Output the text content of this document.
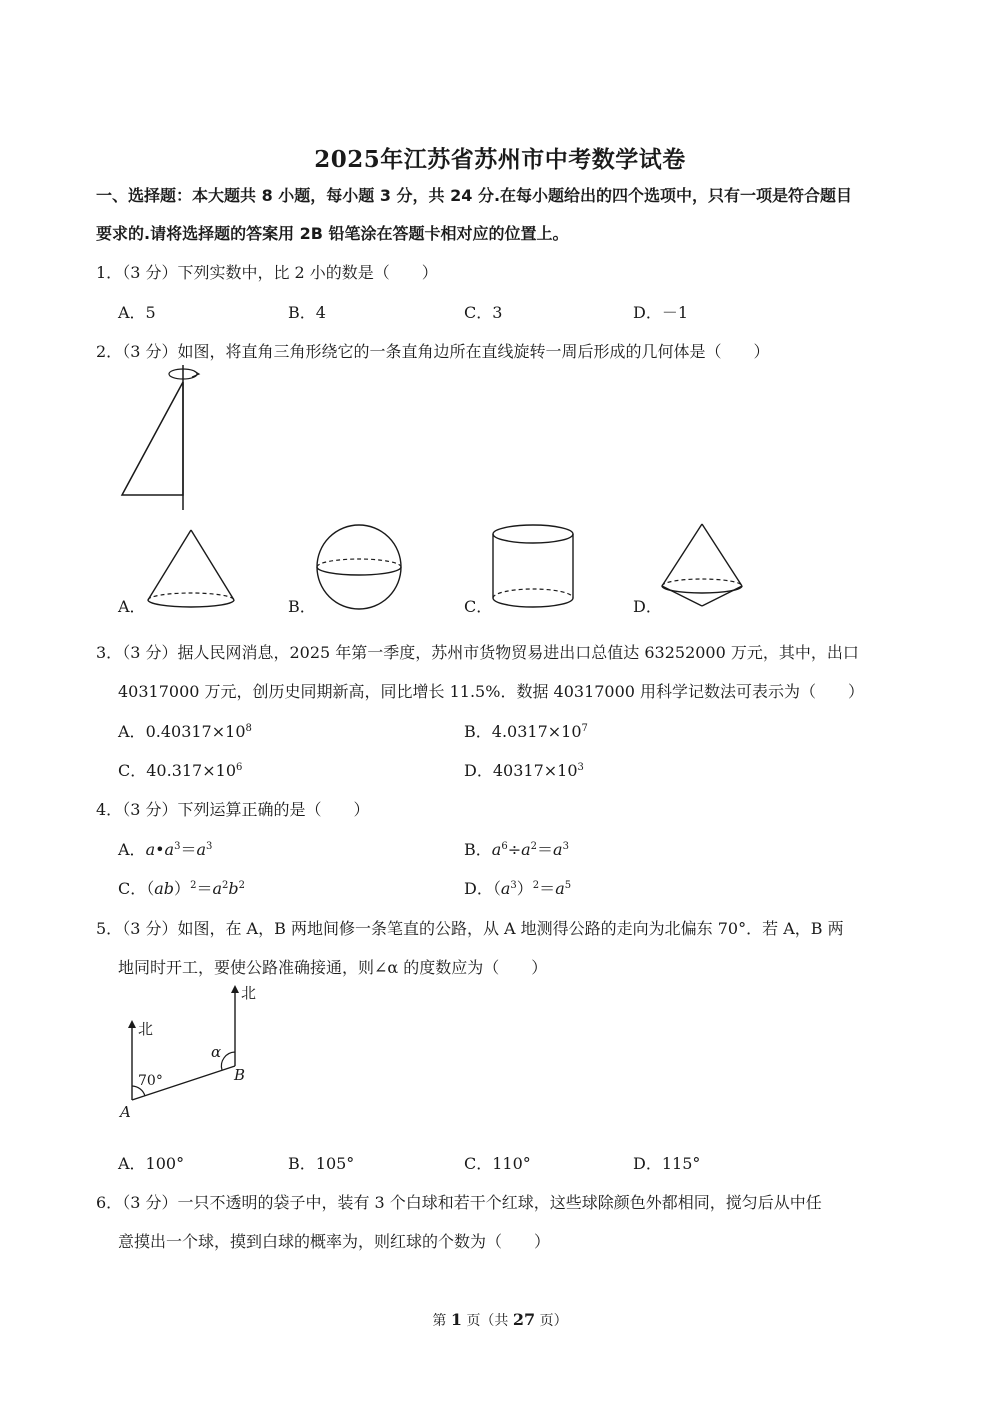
2025年江苏省苏州市中考数学试卷
一、选择题：本大题共 8 小题，每小题 3 分，共 24 分.在每小题给出的四个选项中，只有一项是符合题目
要求的.请将选择题的答案用 2B 铅笔涂在答题卡相对应的位置上。
1．（3 分）下列实数中，比 2 小的数是（　　）
A．5	B．4	C．3	D．－1
2．（3 分）如图，将直角三角形绕它的一条直角边所在直线旋转一周后形成的几何体是（　　）
A．	B．	C．	D．
3．（3 分）据人民网消息，2025 年第一季度，苏州市货物贸易进出口总值达 63252000 万元，其中，出口
40317000 万元，创历史同期新高，同比增长 11.5%．数据 40317000 用科学记数法可表示为（　　）
A．$0.40317\times 10^8$	B．$4.0317\times 10^7$
C．$40.317\times 10^6$	D．$40317\times 10^3$
4．（3 分）下列运算正确的是（　　）
A．$a•a^3=a^3$	B．$a^6\div a^2=a^3$
C．$(ab)^2=a^2b^2$	D．$(a^3)^2=a^5$
5．（3 分）如图，在 A，B 两地间修一条笔直的公路，从 A 地测得公路的走向为北偏东 70°．若 A，B 两
地同时开工，要使公路准确接通，则∠α 的度数应为（　　）
北
北
70°
α
A
B
A．100°	B．105°	C．110°	D．115°
6．（3 分）一只不透明的袋子中，装有 3 个白球和若干个红球，这些球除颜色外都相同，搅匀后从中任
意摸出一个球，摸到白球的概率为，则红球的个数为（　　）
第 1 页（共 27 页）
